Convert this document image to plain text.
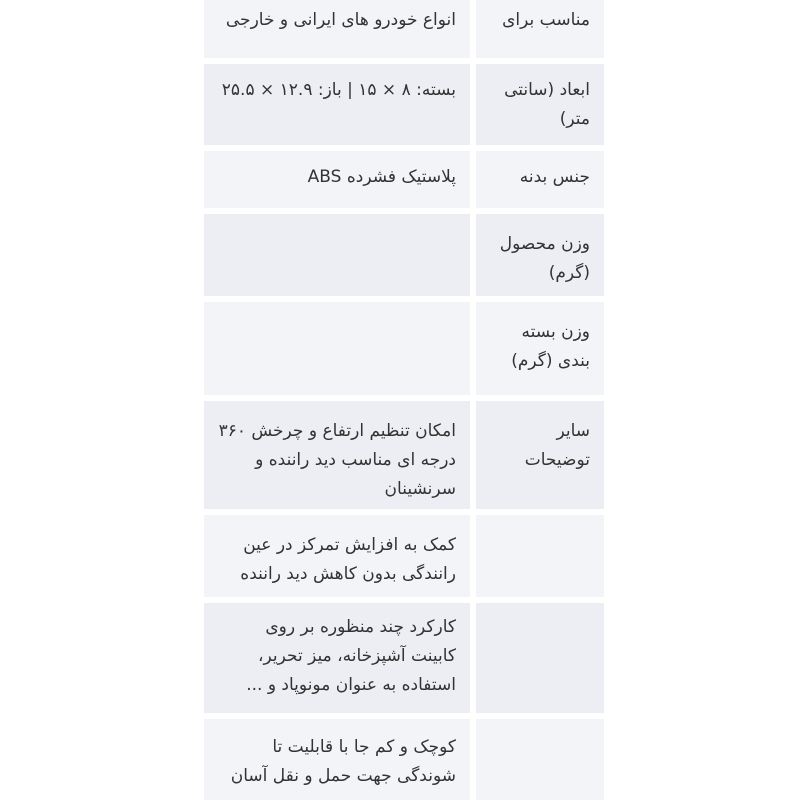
مناسب برای
انواع خودرو های ایرانی و خارجی
ابعاد (سانتی متر)
بسته: ۸ × ۱۵ | باز: ۱۲.۹ × ۲۵.۵
جنس بدنه
پلاستیک فشرده ABS
وزن محصول (گرم)
وزن بسته بندی (گرم)
سایر توضیحات
امکان تنظیم ارتفاع و چرخش ۳۶۰ درجه ای مناسب دید راننده و سرنشینان
کمک به افزایش تمرکز در عین رانندگی بدون کاهش دید راننده
کارکرد چند منظوره بر روی کابینت آشپزخانه، میز تحریر، استفاده به عنوان مونوپاد و ...
کوچک و کم جا با قابلیت تا شوندگی جهت حمل و نقل آسان
